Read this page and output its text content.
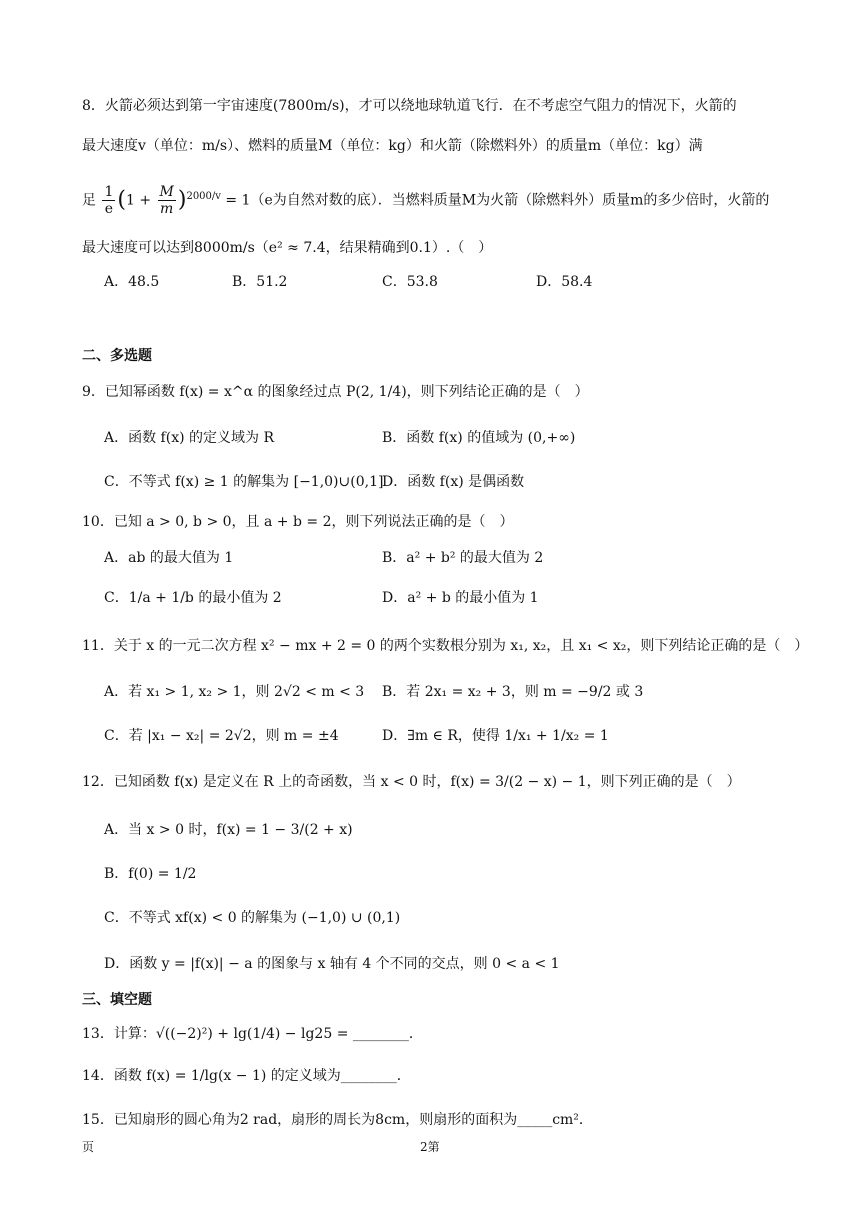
8．火箭必须达到第一宇宙速度(7800m/s)，才可以绕地球轨道飞行．在不考虑空气阻力的情况下，火箭的
最大速度v（单位：m/s）、燃料的质量M（单位：kg）和火箭（除燃料外）的质量m（单位：kg）满
足 $\frac{1}{e} (1 + \frac{M}{m} )^{2000/v} = 1(e$为自然对数的底）．当燃料质量M为火箭（除燃料外）质量m的多少倍时，火箭的
最大速度可以达到8000m/s（e² ≈ 7.4，结果精确到0.1）.（　）
A．48.5	B．51.2	C．53.8	D．58.4
二、多选题
9．已知幂函数 f(x) = x^α 的图象经过点 P(2, 1/4)，则下列结论正确的是（　）
A．函数 f(x) 的定义域为 R	B．函数 f(x) 的值域为 (0,+∞)
C．不等式 f(x) ≥ 1 的解集为 [−1,0)∪(0,1]
D．函数 f(x) 是偶函数
10．已知 a > 0, b > 0，且 a + b = 2，则下列说法正确的是（　）
A．ab 的最大值为 1	B．a² + b² 的最大值为 2
C．1/a + 1/b 的最小值为 2	D．a² + b 的最小值为 1
11．关于 x 的一元二次方程 x² − mx + 2 = 0 的两个实数根分别为 x₁, x₂，且 x₁ < x₂，则下列结论正确的是（　）
A．若 x₁ > 1, x₂ > 1，则 2√2 < m < 3 B．若 2x₁ = x₂ + 3，则 m = −9/2 或 3
C．若 |x₁ − x₂| = 2√2，则 m = ±4	D．∃m ∈ R，使得 1/x₁ + 1/x₂ = 1
12．已知函数 f(x) 是定义在 R 上的奇函数，当 x < 0 时，f(x) = 3/(2 − x) − 1，则下列正确的是（　）
A．当 x > 0 时，f(x) = 1 − 3/(2 + x)
B．f(0) = 1/2
C．不等式 xf(x) < 0 的解集为 (−1,0) ∪ (0,1)
D．函数 y = |f(x)| − a 的图象与 x 轴有 4 个不同的交点，则 0 < a < 1
三、填空题
13．计算：√((−2)²) + lg(1/4) − lg25 = ________．
14．函数 f(x) = 1/lg(x − 1) 的定义域为________．
15．已知扇形的圆心角为2 rad，扇形的周长为8cm，则扇形的面积为_____cm²．
页	2第
